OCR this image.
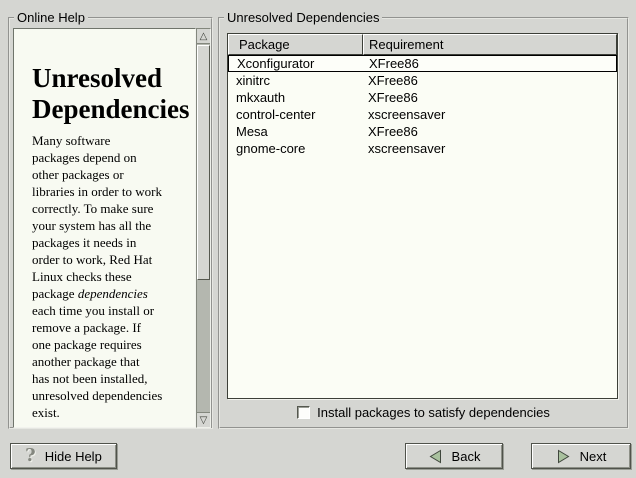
Online Help
Unresolved
Dependencies
Many software
packages depend on
other packages or
libraries in order to work
correctly. To make sure
your system has all the
packages it needs in
order to work, Red Hat
Linux checks these
package dependencies
each time you install or
remove a package. If
one package requires
another package that
has not been installed,
unresolved dependencies
exist.
△
▽
Unresolved Dependencies
Package	Requirement
Xconfigurator	XFree86
xinitrc	XFree86
mkxauth	XFree86
control-center	xscreensaver
Mesa	XFree86
gnome-core	xscreensaver
Install packages to satisfy dependencies
? Hide Help	Back	Next
